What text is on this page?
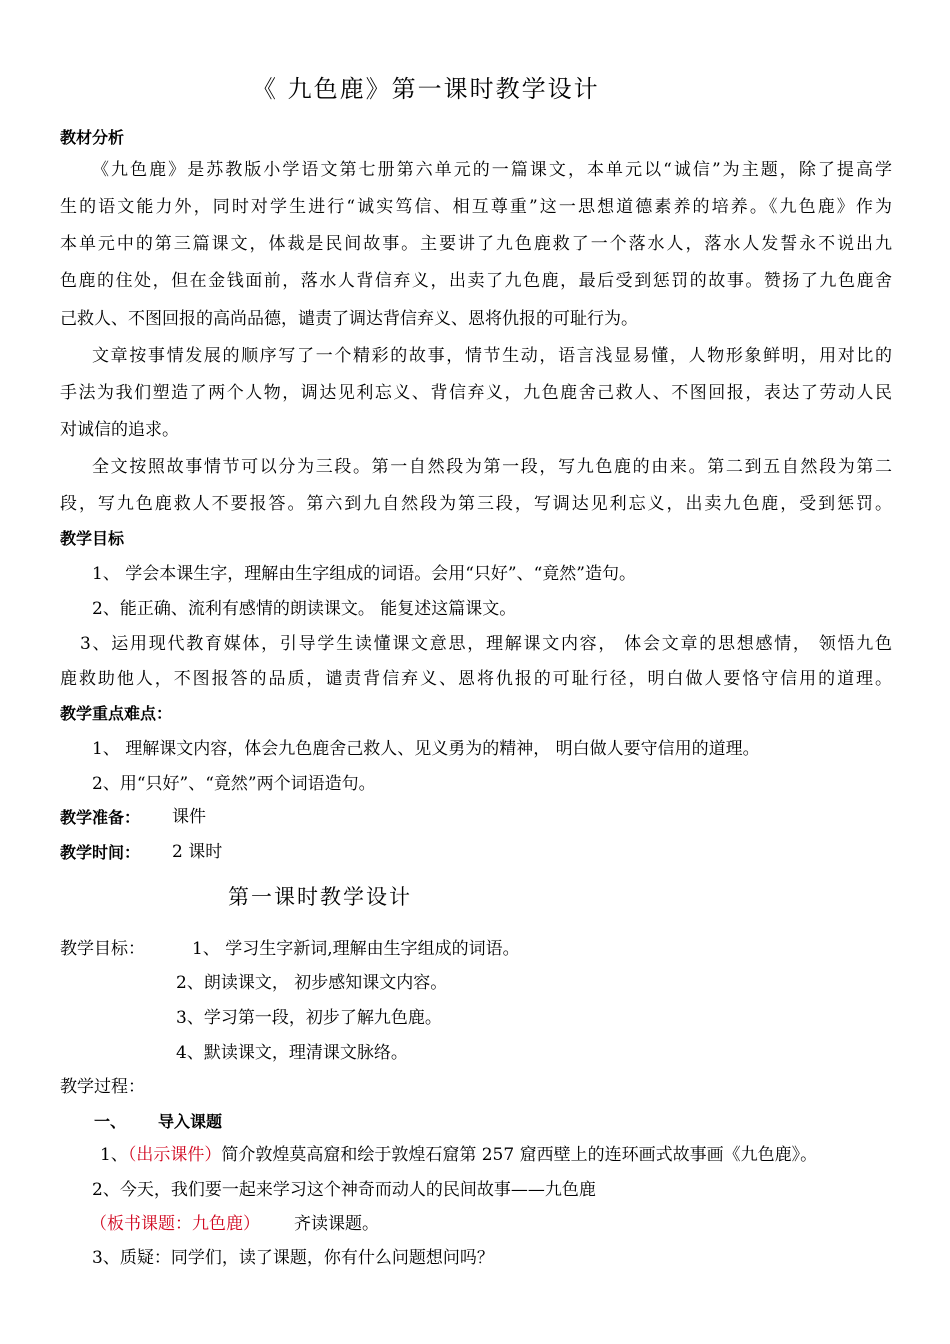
《 九色鹿》第一课时教学设计
教材分析
《九色鹿》是苏教版小学语文第七册第六单元的一篇课文，本单元以“诚信”为主题，除了提高学
生的语文能力外，同时对学生进行“诚实笃信、相互尊重”这一思想道德素养的培养。《九色鹿》作为
本单元中的第三篇课文，体裁是民间故事。主要讲了九色鹿救了一个落水人，落水人发誓永不说出九
色鹿的住处，但在金钱面前，落水人背信弃义，出卖了九色鹿，最后受到惩罚的故事。赞扬了九色鹿舍
己救人、不图回报的高尚品德，谴责了调达背信弃义、恩将仇报的可耻行为。
文章按事情发展的顺序写了一个精彩的故事，情节生动，语言浅显易懂，人物形象鲜明，用对比的
手法为我们塑造了两个人物，调达见利忘义、背信弃义，九色鹿舍己救人、不图回报，表达了劳动人民
对诚信的追求。
全文按照故事情节可以分为三段。第一自然段为第一段，写九色鹿的由来。第二到五自然段为第二
段，写九色鹿救人不要报答。第六到九自然段为第三段，写调达见利忘义，出卖九色鹿，受到惩罚。
教学目标
1、 学会本课生字，理解由生字组成的词语。会用“只好”、“竟然”造句。
2、能正确、流利有感情的朗读课文。 能复述这篇课文。
3、运用现代教育媒体，引导学生读懂课文意思，理解课文内容， 体会文章的思想感情， 领悟九色
鹿救助他人，不图报答的品质，谴责背信弃义、恩将仇报的可耻行径，明白做人要恪守信用的道理。
教学重点难点：
1、 理解课文内容，体会九色鹿舍己救人、见义勇为的精神， 明白做人要守信用的道理。
2、用“只好”、“竟然”两个词语造句。
教学准备： 课件
教学时间： 2 课时
第一课时教学设计
教学目标：	1、 学习生字新词,理解由生字组成的词语。
2、朗读课文， 初步感知课文内容。
3、学习第一段，初步了解九色鹿。
4、默读课文，理清课文脉络。
教学过程：
一、 导入课题
1、（出示课件）简介敦煌莫高窟和绘于敦煌石窟第 257 窟西壁上的连环画式故事画《九色鹿》。
2、今天，我们要一起来学习这个神奇而动人的民间故事——九色鹿
（板书课题：九色鹿） 齐读课题。
3、质疑：同学们，读了课题，你有什么问题想问吗？
